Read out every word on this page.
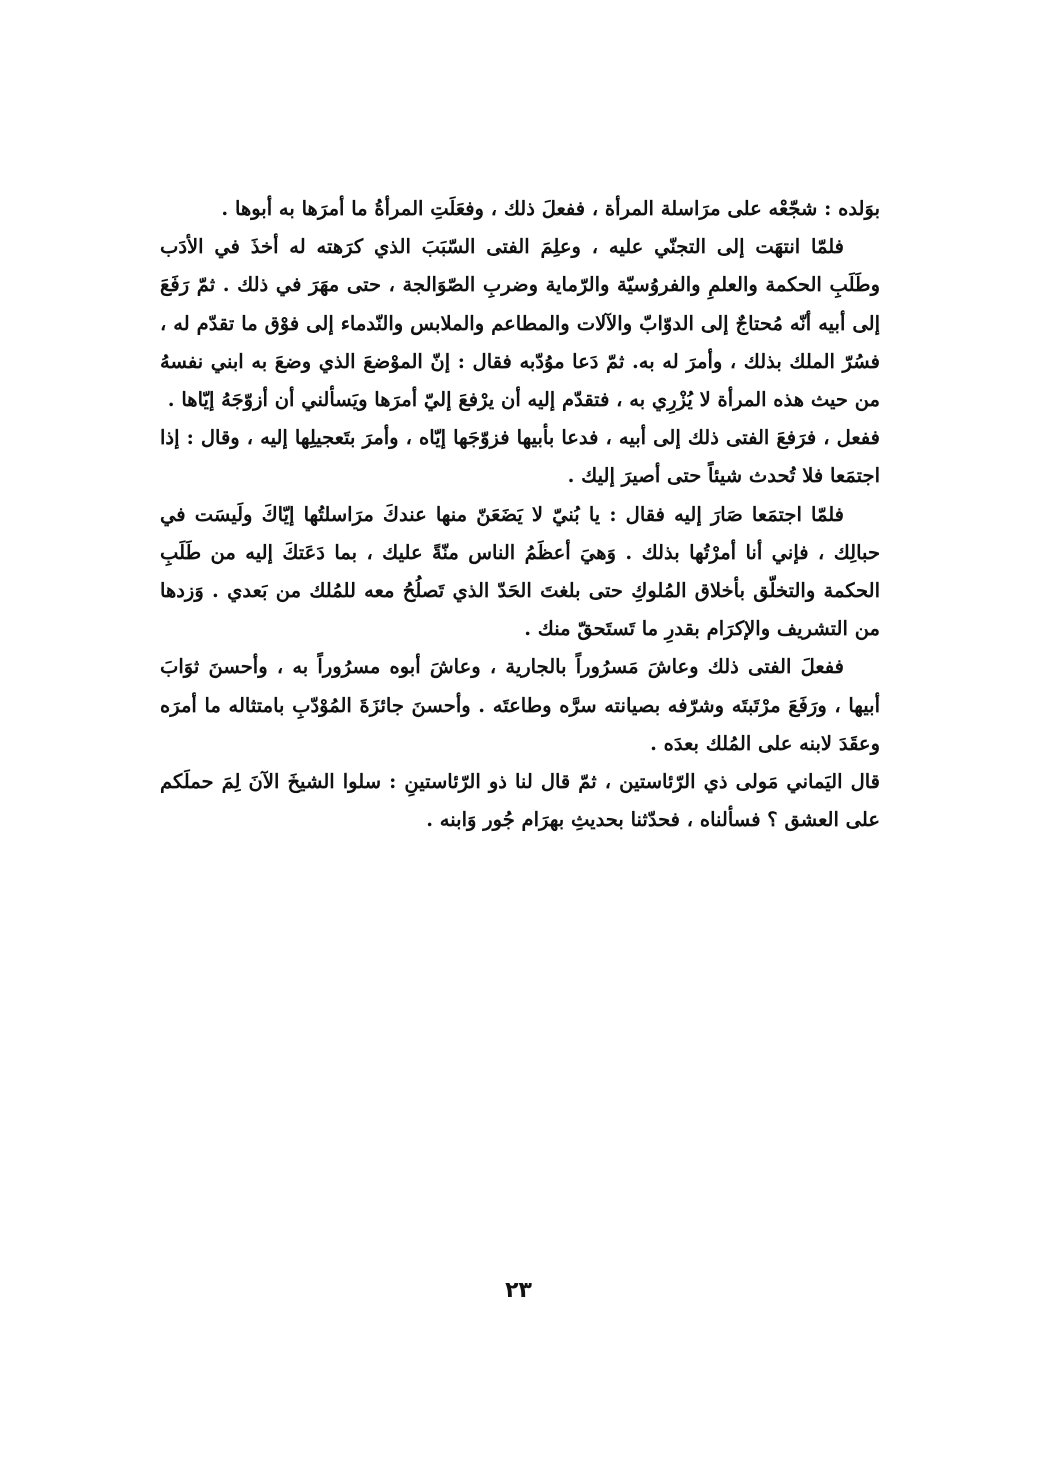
بوَلده : شجّعْه على مرَاسلة المرأة ، ففعلَ ذلك ، وفعَلَتِ المرأةُ ما أمرَها به أبوها .

فلمّا انتهَت إلى التجنّي عليه ، وعلِمَ الفتى السّبَبَ الذي كرَهته له أخذَ في الأدَب وطَلَبِ الحكمة والعلمِ والفروُسيّة والرّماية وضربِ الصّوَالجة ، حتى مهَرَ في ذلك . ثمّ رَفَعَ إلى أبيه أنّه مُحتاجٌ إلى الدوّابّ والآلات والمطاعم والملابس والنّدماء إلى فوْق ما تقدّم له ، فسُرّ الملك بذلك ، وأمرَ له به. ثمّ دَعا موُدّبه فقال : إنّ الموْضعَ الذي وضعَ به ابني نفسهُ من حيث هذه المرأة لا يُزْرِي به ، فتقدّم إليه أن يرْفعَ إليّ أمرَها ويَسألني أن أزوّجَهُ إيّاها .

ففعل ، فرَفعَ الفتى ذلك إلى أبيه ، فدعا بأبيها فزوّجَها إيّاه ، وأمرَ بتَعجيلِها إليه ، وقال : إذا اجتمَعا فلا تُحدث شيئاً حتى أصيرَ إليك .

فلمّا اجتمَعا صَارَ إليه فقال : يا بُنيّ لا يَضَعَنّ منها عندكَ مرَاسلتُها إيّاكَ ولَيسَت في حبالِك ، فإني أنا أمرْتُها بذلك . وَهيَ أعظَمُ الناس منّةً عليك ، بما دَعَتكَ إليه من طَلَبِ الحكمة والتخلّق بأخلاق المُلوكِ حتى بلغتَ الحَدّ الذي تَصلُحُ معه للمُلك من بَعدي . وَزدها من التشريف والإكرَام بقدرِ ما تَستَحقّ منك .

ففعلَ الفتى ذلك وعاشَ مَسرُوراً بالجارية ، وعاشَ أبوه مسرُوراً به ، وأحسنَ ثوَابَ أبيها ، ورَفَعَ مرْتَبتَه وشرّفه بصيانته سرَّه وطاعتَه . وأحسنَ جائزَةَ المُوْدّبِ بامتثاله ما أمرَه وعقَدَ لابنه على المُلك بعدَه .

قال اليَماني مَولى ذي الرّئاستين ، ثمّ قال لنا ذو الرّئاستينِ : سلوا الشيخَ الآنَ لِمَ حملَكم على العشق ؟ فسألناه ، فحدّثنا بحديثِ بهرَام جُور وَابنه .

٢٣
